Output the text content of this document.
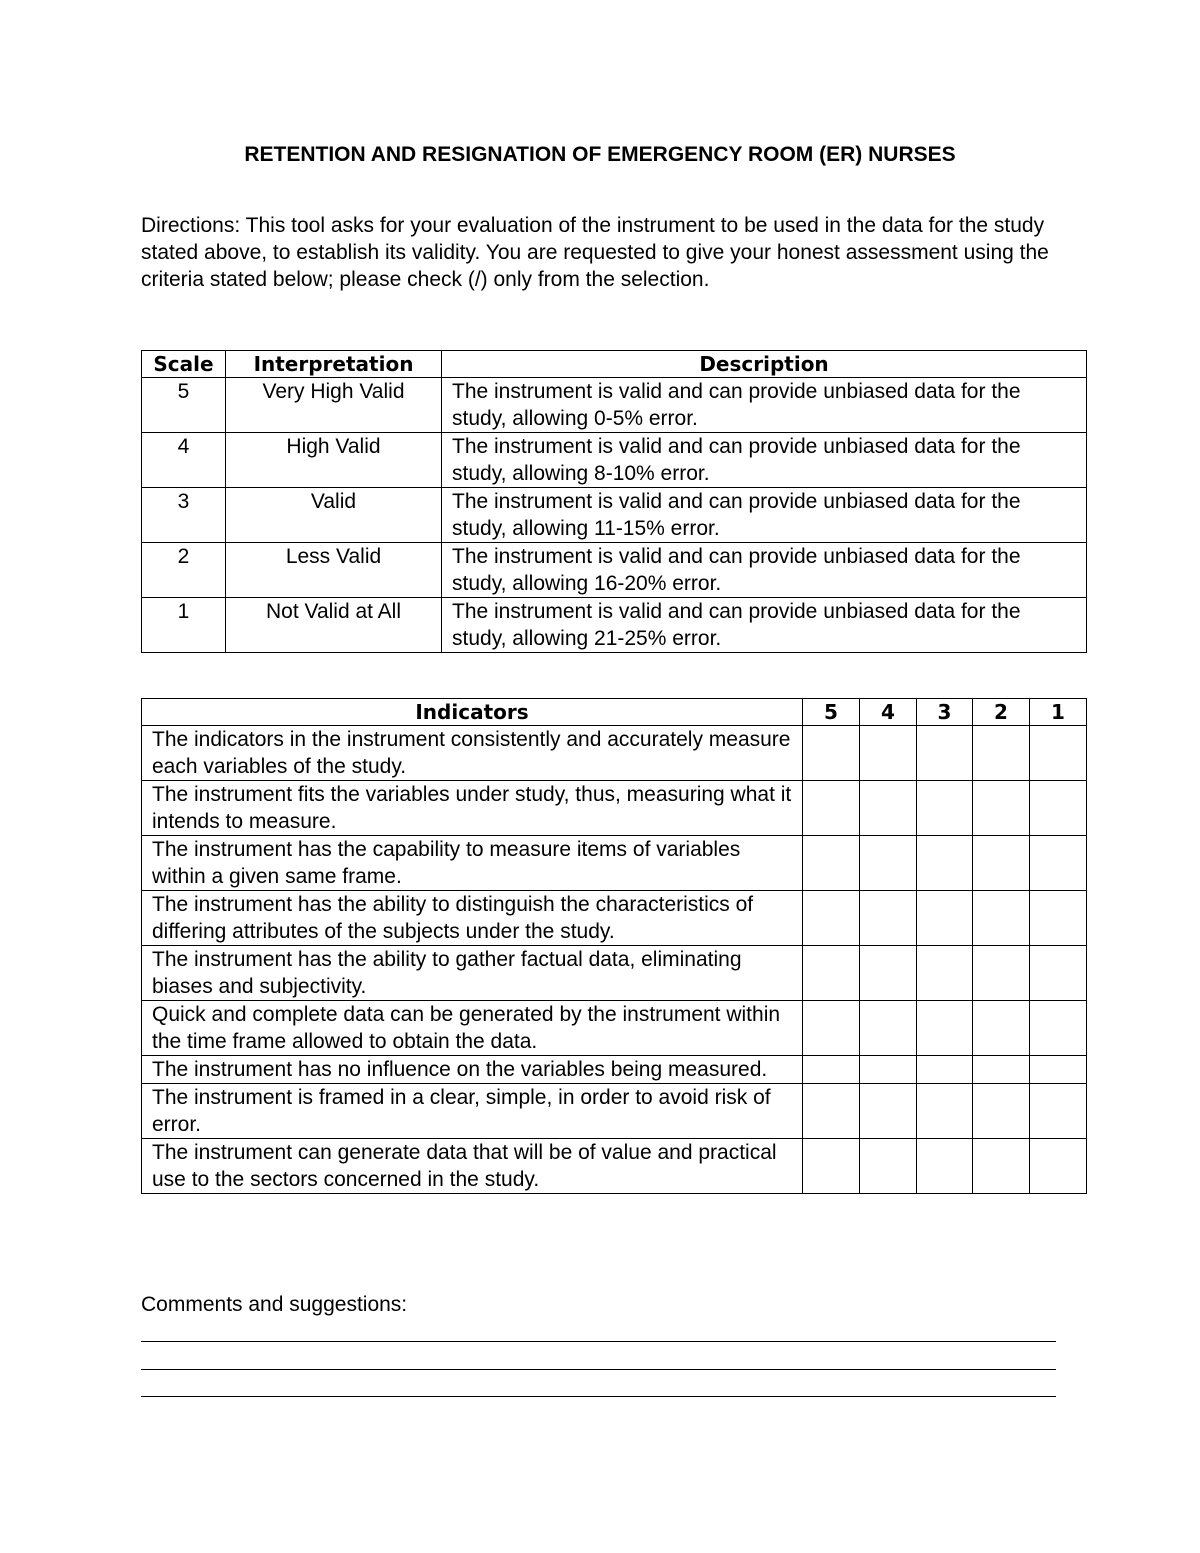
RETENTION AND RESIGNATION OF EMERGENCY ROOM (ER) NURSES
Directions: This tool asks for your evaluation of the instrument to be used in the data for the study stated above, to establish its validity. You are requested to give your honest assessment using the criteria stated below; please check (/) only from the selection.
Scale	Interpretation	Description
5	Very High Valid	The instrument is valid and can provide unbiased data for the study, allowing 0-5% error.
4	High Valid	The instrument is valid and can provide unbiased data for the study, allowing 8-10% error.
3	Valid	The instrument is valid and can provide unbiased data for the study, allowing 11-15% error.
2	Less Valid	The instrument is valid and can provide unbiased data for the study, allowing 16-20% error.
1	Not Valid at All	The instrument is valid and can provide unbiased data for the study, allowing 21-25% error.
Indicators	5	4	3	2	1
The indicators in the instrument consistently and accurately measure each variables of the study.					
The instrument fits the variables under study, thus, measuring what it intends to measure.					
The instrument has the capability to measure items of variables within a given same frame.					
The instrument has the ability to distinguish the characteristics of differing attributes of the subjects under the study.					
The instrument has the ability to gather factual data, eliminating biases and subjectivity.					
Quick and complete data can be generated by the instrument within the time frame allowed to obtain the data.					
The instrument has no influence on the variables being measured.					
The instrument is framed in a clear, simple, in order to avoid risk of error.					
The instrument can generate data that will be of value and practical use to the sectors concerned in the study.					
Comments and suggestions:
